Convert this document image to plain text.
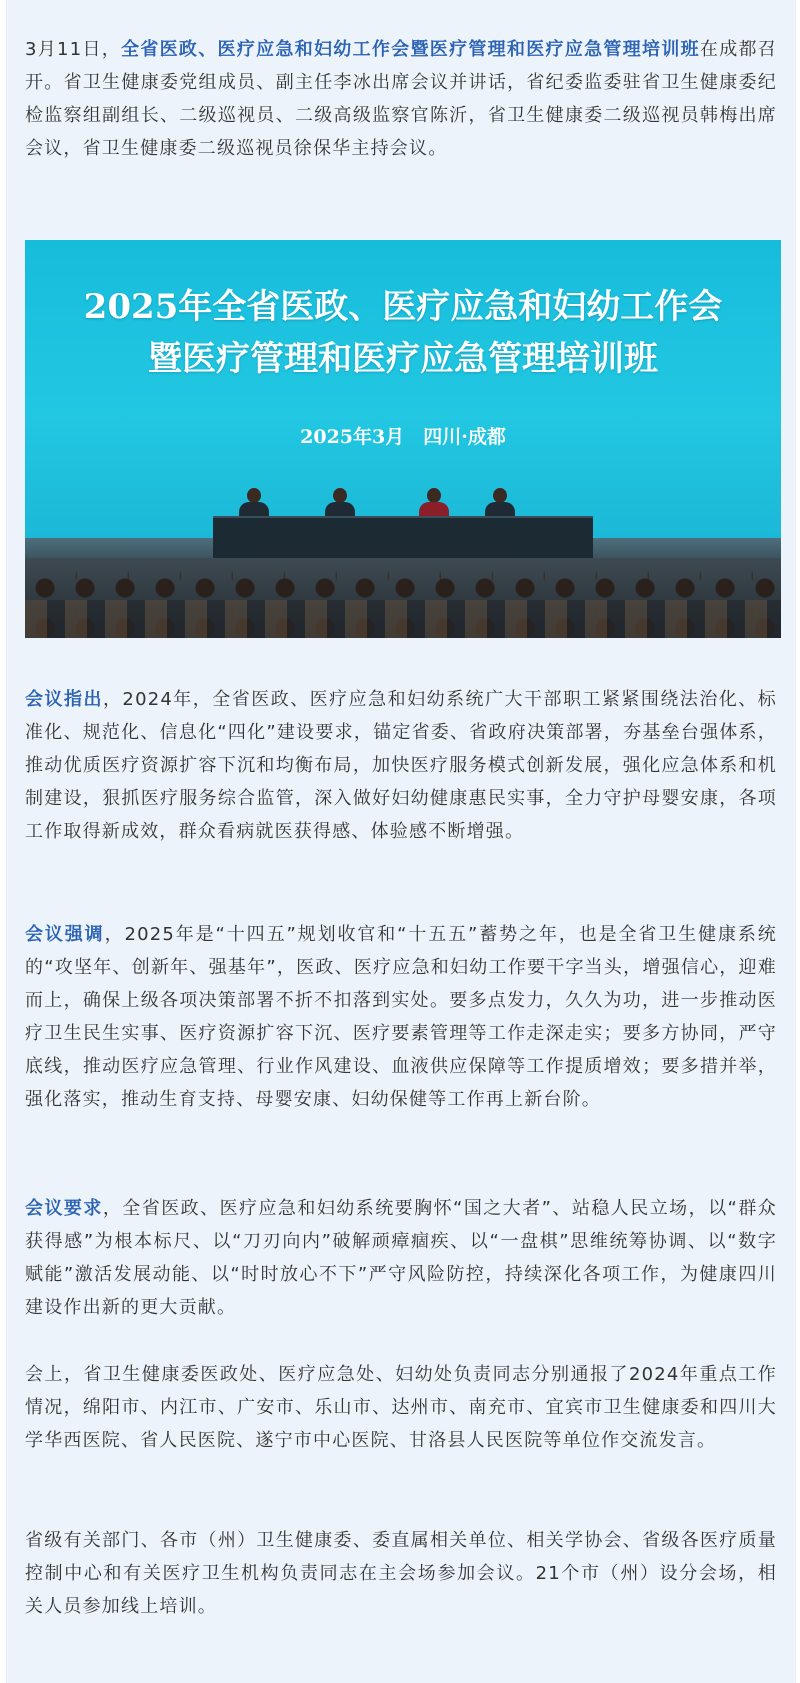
3月11日，全省医政、医疗应急和妇幼工作会暨医疗管理和医疗应急管理培训班在成都召开。省卫生健康委党组成员、副主任李冰出席会议并讲话，省纪委监委驻省卫生健康委纪检监察组副组长、二级巡视员、二级高级监察官陈沂，省卫生健康委二级巡视员韩梅出席会议，省卫生健康委二级巡视员徐保华主持会议。

2025年全省医政、医疗应急和妇幼工作会
暨医疗管理和医疗应急管理培训班
2025年3月　四川·成都

会议指出，2024年，全省医政、医疗应急和妇幼系统广大干部职工紧紧围绕法治化、标准化、规范化、信息化“四化”建设要求，锚定省委、省政府决策部署，夯基垒台强体系，推动优质医疗资源扩容下沉和均衡布局，加快医疗服务模式创新发展，强化应急体系和机制建设，狠抓医疗服务综合监管，深入做好妇幼健康惠民实事，全力守护母婴安康，各项工作取得新成效，群众看病就医获得感、体验感不断增强。

会议强调，2025年是“十四五”规划收官和“十五五”蓄势之年，也是全省卫生健康系统的“攻坚年、创新年、强基年”，医政、医疗应急和妇幼工作要干字当头，增强信心，迎难而上，确保上级各项决策部署不折不扣落到实处。要多点发力，久久为功，进一步推动医疗卫生民生实事、医疗资源扩容下沉、医疗要素管理等工作走深走实；要多方协同，严守底线，推动医疗应急管理、行业作风建设、血液供应保障等工作提质增效；要多措并举，强化落实，推动生育支持、母婴安康、妇幼保健等工作再上新台阶。

会议要求，全省医政、医疗应急和妇幼系统要胸怀“国之大者”、站稳人民立场，以“群众获得感”为根本标尺、以“刀刃向内”破解顽瘴痼疾、以“一盘棋”思维统筹协调、以“数字赋能”激活发展动能、以“时时放心不下”严守风险防控，持续深化各项工作，为健康四川建设作出新的更大贡献。

会上，省卫生健康委医政处、医疗应急处、妇幼处负责同志分别通报了2024年重点工作情况，绵阳市、内江市、广安市、乐山市、达州市、南充市、宜宾市卫生健康委和四川大学华西医院、省人民医院、遂宁市中心医院、甘洛县人民医院等单位作交流发言。

省级有关部门、各市（州）卫生健康委、委直属相关单位、相关学协会、省级各医疗质量控制中心和有关医疗卫生机构负责同志在主会场参加会议。21个市（州）设分会场，相关人员参加线上培训。
